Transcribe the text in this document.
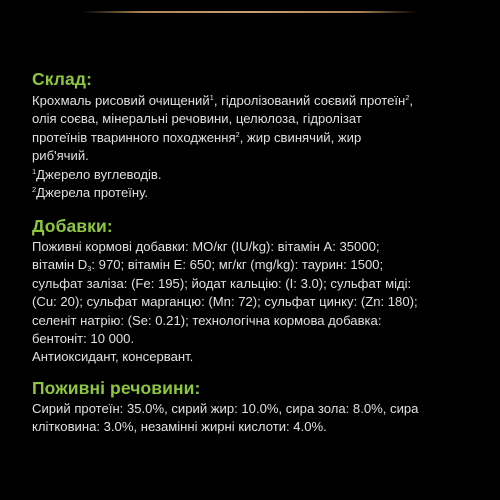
Склад:
Крохмаль рисовий очищений$^1$, гідролізований соєвий протеїн$^2$,
олія соєва, мінеральні речовини, целюлоза, гідролізат
протеїнів тваринного походження$^2$, жир свинячий, жир
риб'ячий.
$^1$Джерело вуглеводів.
$^2$Джерела протеїну.
Добавки:
Поживні кормові добавки: МО/кг (IU/kg): вітамін А: 35000;
вітамін $D_3$: 970; вітамін Е: 650; мг/кг (mg/kg): таурин: 1500;
сульфат заліза: (Fe: 195); йодат кальцію: (I: 3.0); сульфат міді:
(Cu: 20); сульфат марганцю: (Mn: 72); сульфат цинку: (Zn: 180);
селеніт натрію: (Se: 0.21); технологічна кормова добавка:
бентоніт: 10 000.
Антиоксидант, консервант.
Поживні речовини:
Сирий протеїн: 35.0%, сирий жир: 10.0%, сира зола: 8.0%, сира
клітковина: 3.0%, незамінні жирні кислоти: 4.0%.
